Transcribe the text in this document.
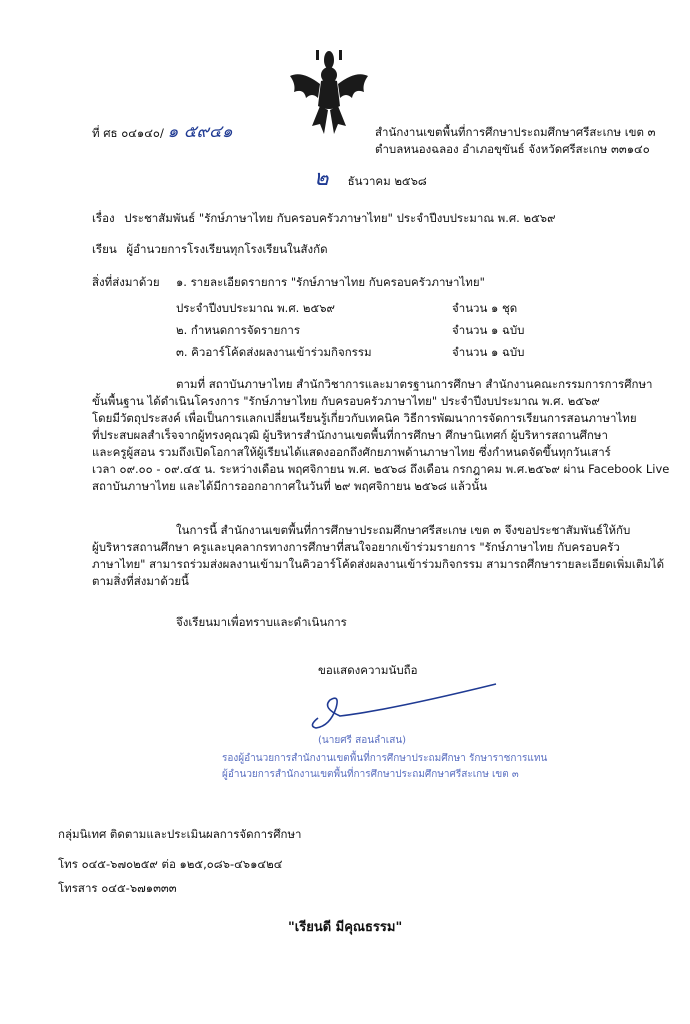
ที่ ศธ ๐๔๑๔๐/ ๑ ๕๙๔๑	สำนักงานเขตพื้นที่การศึกษาประถมศึกษาศรีสะเกษ เขต ๓
ตำบลหนองฉลอง อำเภอขุขันธ์ จังหวัดศรีสะเกษ ๓๓๑๔๐
๒ ธันวาคม ๒๕๖๘
เรื่อง ประชาสัมพันธ์ "รักษ์ภาษาไทย กับครอบครัวภาษาไทย" ประจำปีงบประมาณ พ.ศ. ๒๕๖๙
เรียน ผู้อำนวยการโรงเรียนทุกโรงเรียนในสังกัด
สิ่งที่ส่งมาด้วย ๑. รายละเอียดรายการ "รักษ์ภาษาไทย กับครอบครัวภาษาไทย"
ประจำปีงบประมาณ พ.ศ. ๒๕๖๙	จำนวน ๑ ชุด
๒. กำหนดการจัดรายการ	จำนวน ๑ ฉบับ
๓. คิวอาร์โค้ดส่งผลงานเข้าร่วมกิจกรรม	จำนวน ๑ ฉบับ
ตามที่ สถาบันภาษาไทย สำนักวิชาการและมาตรฐานการศึกษา สำนักงานคณะกรรมการการศึกษา
ขั้นพื้นฐาน ได้ดำเนินโครงการ "รักษ์ภาษาไทย กับครอบครัวภาษาไทย" ประจำปีงบประมาณ พ.ศ. ๒๕๖๙
โดยมีวัตถุประสงค์ เพื่อเป็นการแลกเปลี่ยนเรียนรู้เกี่ยวกับเทคนิค วิธีการพัฒนาการจัดการเรียนการสอนภาษาไทย
ที่ประสบผลสำเร็จจากผู้ทรงคุณวุฒิ ผู้บริหารสำนักงานเขตพื้นที่การศึกษา ศึกษานิเทศก์ ผู้บริหารสถานศึกษา
และครูผู้สอน รวมถึงเปิดโอกาสให้ผู้เรียนได้แสดงออกถึงศักยภาพด้านภาษาไทย ซึ่งกำหนดจัดขึ้นทุกวันเสาร์
เวลา ๐๙.๐๐ - ๐๙.๔๕ น. ระหว่างเดือน พฤศจิกายน พ.ศ. ๒๕๖๘ ถึงเดือน กรกฎาคม พ.ศ.๒๕๖๙ ผ่าน Facebook Live
สถาบันภาษาไทย และได้มีการออกอากาศในวันที่ ๒๙ พฤศจิกายน ๒๕๖๘ แล้วนั้น
ในการนี้ สำนักงานเขตพื้นที่การศึกษาประถมศึกษาศรีสะเกษ เขต ๓ จึงขอประชาสัมพันธ์ให้กับ
ผู้บริหารสถานศึกษา ครูและบุคลากรทางการศึกษาที่สนใจอยากเข้าร่วมรายการ "รักษ์ภาษาไทย กับครอบครัว
ภาษาไทย" สามารถร่วมส่งผลงานเข้ามาในคิวอาร์โค้ดส่งผลงานเข้าร่วมกิจกรรม สามารถศึกษารายละเอียดเพิ่มเติมได้
ตามสิ่งที่ส่งมาด้วยนี้
จึงเรียนมาเพื่อทราบและดำเนินการ
ขอแสดงความนับถือ
(นายศรี สอนลำเสน)
รองผู้อำนวยการสำนักงานเขตพื้นที่การศึกษาประถมศึกษา รักษาราชการแทน
ผู้อำนวยการสำนักงานเขตพื้นที่การศึกษาประถมศึกษาศรีสะเกษ เขต ๓
กลุ่มนิเทศ ติดตามและประเมินผลการจัดการศึกษา
โทร ๐๔๕-๖๗๐๒๕๙ ต่อ ๑๒๕,๐๘๖-๔๖๑๔๒๔
โทรสาร ๐๔๕-๖๗๑๓๓๓
"เรียนดี มีคุณธรรม"
